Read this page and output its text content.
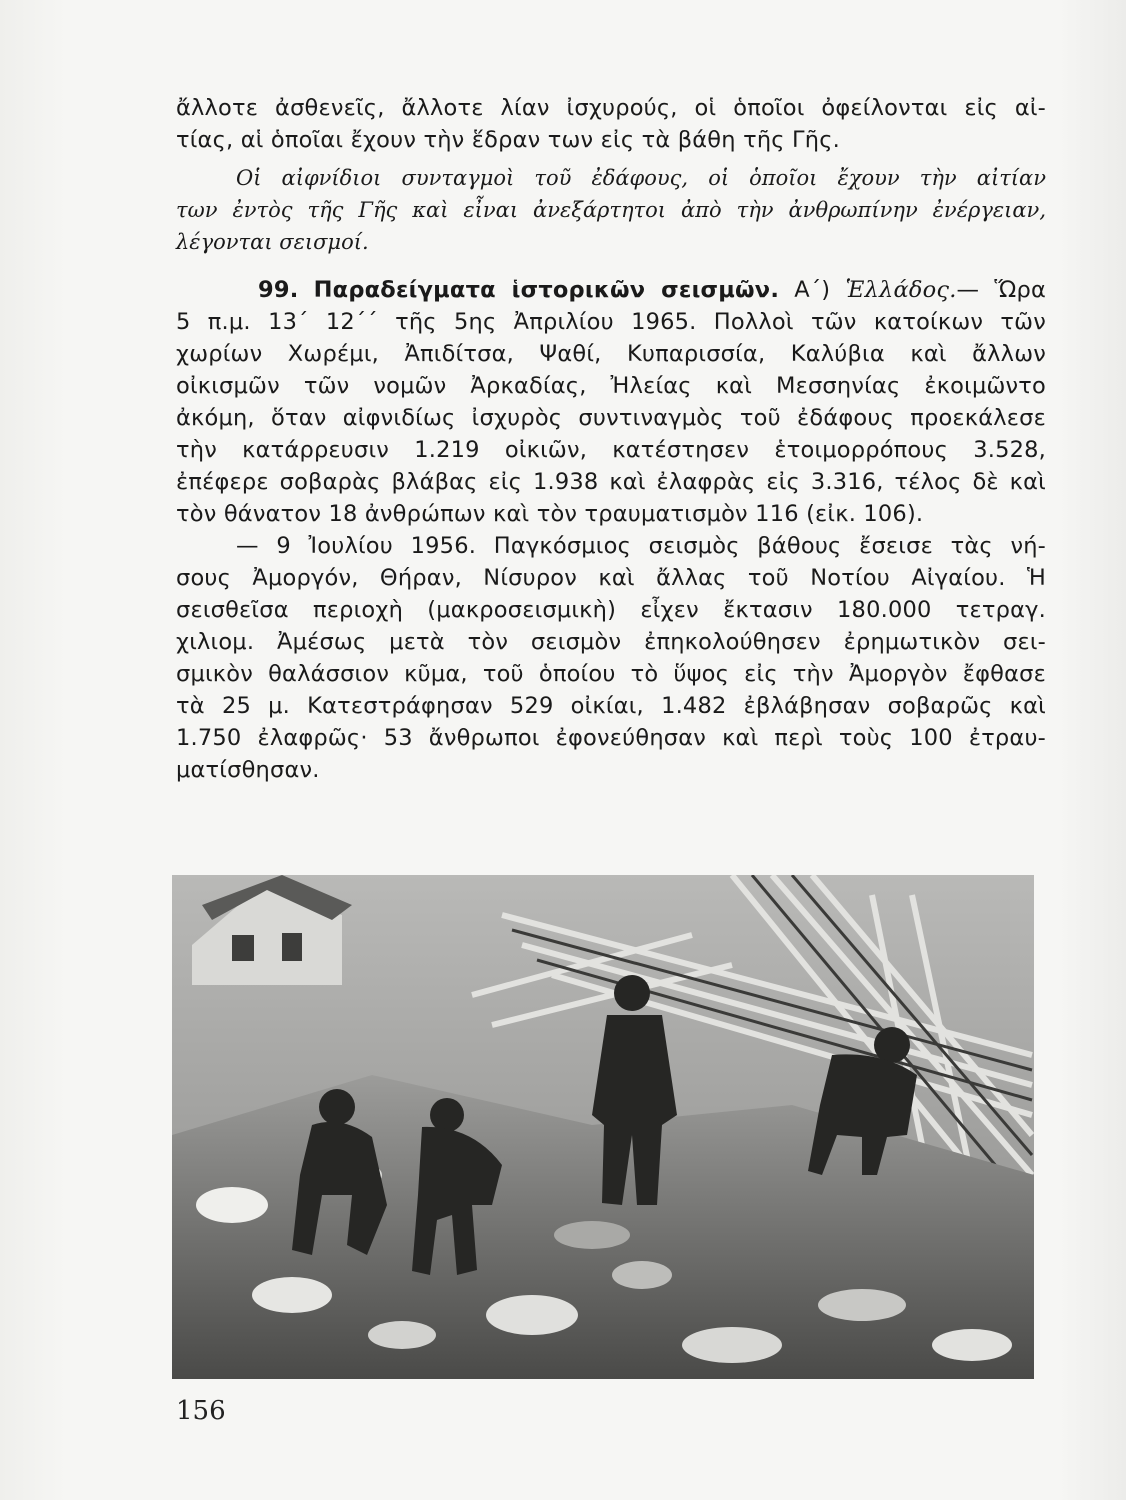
ἄλλοτε ἀσθενεῖς, ἄλλοτε λίαν ἰσχυρούς, οἱ ὁποῖοι ὀφείλονται εἰς αἰ-
τίας, αἱ ὁποῖαι ἔχουν τὴν ἕδραν των εἰς τὰ βάθη τῆς Γῆς.
Οἱ αἰφνίδιοι συνταγμοὶ τοῦ ἐδάφους, οἱ ὁποῖοι ἔχουν τὴν αἰτίαν
των ἐντὸς τῆς Γῆς καὶ εἶναι ἀνεξάρτητοι ἀπὸ τὴν ἀνθρωπίνην ἐνέργειαν,
λέγονται σεισμοί.
99. Παραδείγματα ἱστορικῶν σεισμῶν. Α΄) Ἑλλάδος.— Ὥρα
5 π.μ. 13΄ 12΄΄ τῆς 5ης Ἀπριλίου 1965. Πολλοὶ τῶν κατοίκων τῶν
χωρίων Χωρέμι, Ἀπιδίτσα, Ψαθί, Κυπαρισσία, Καλύβια καὶ ἄλλων
οἰκισμῶν τῶν νομῶν Ἀρκαδίας, Ἠλείας καὶ Μεσσηνίας ἐκοιμῶντο
ἀκόμη, ὅταν αἰφνιδίως ἰσχυρὸς συντιναγμὸς τοῦ ἐδάφους προεκάλεσε
τὴν κατάρρευσιν 1.219 οἰκιῶν, κατέστησεν ἑτοιμορρόπους 3.528,
ἐπέφερε σοβαρὰς βλάβας εἰς 1.938 καὶ ἐλαφρὰς εἰς 3.316, τέλος δὲ καὶ
τὸν θάνατον 18 ἀνθρώπων καὶ τὸν τραυματισμὸν 116 (εἰκ. 106).
— 9 Ἰουλίου 1956. Παγκόσμιος σεισμὸς βάθους ἔσεισε τὰς νή-
σους Ἀμοργόν, Θήραν, Νίσυρον καὶ ἄλλας τοῦ Νοτίου Αἰγαίου. Ἡ
σεισθεῖσα περιοχὴ (μακροσεισμικὴ) εἶχεν ἔκτασιν 180.000 τετραγ.
χιλιομ. Ἀμέσως μετὰ τὸν σεισμὸν ἐπηκολούθησεν ἐρημωτικὸν σει-
σμικὸν θαλάσσιον κῦμα, τοῦ ὁποίου τὸ ὕψος εἰς τὴν Ἀμοργὸν ἔφθασε
τὰ 25 μ. Κατεστράφησαν 529 οἰκίαι, 1.482 ἐβλάβησαν σοβαρῶς καὶ
1.750 ἐλαφρῶς· 53 ἄνθρωποι ἐφονεύθησαν καὶ περὶ τοὺς 100 ἐτραυ-
ματίσθησαν.
156
